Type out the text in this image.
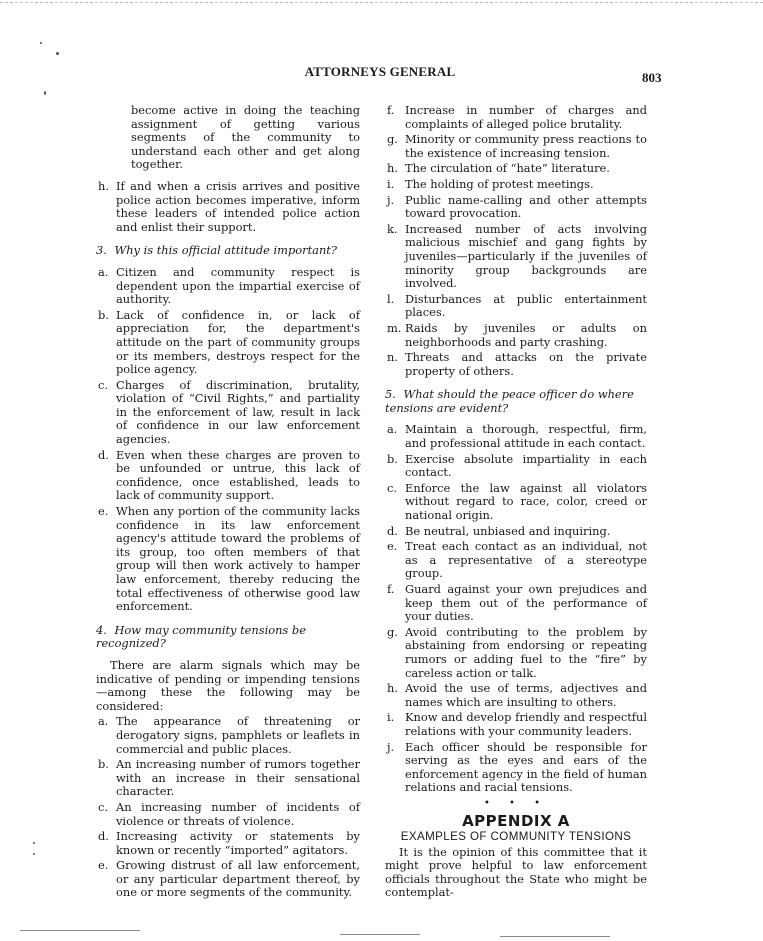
ATTORNEYS GENERAL	803
become active in doing the teaching assignment of getting various segments of the community to understand each other and get along together.
h. If and when a crisis arrives and positive police action becomes imperative, inform these leaders of intended police action and enlist their support.
3. Why is this official attitude important?
a. Citizen and community respect is dependent upon the impartial exercise of authority.
b. Lack of confidence in, or lack of appreciation for, the department's attitude on the part of community groups or its members, destroys respect for the police agency.
c. Charges of discrimination, brutality, violation of “Civil Rights,” and partiality in the enforcement of law, result in lack of confidence in our law enforcement agencies.
d. Even when these charges are proven to be unfounded or untrue, this lack of confidence, once established, leads to lack of community support.
e. When any portion of the community lacks confidence in its law enforcement agency's attitude toward the problems of its group, too often members of that group will then work actively to hamper law enforcement, thereby reducing the total effectiveness of otherwise good law enforcement.
4. How may community tensions be recognized?
There are alarm signals which may be indicative of pending or impending tensions—among these the following may be considered:
a. The appearance of threatening or derogatory signs, pamphlets or leaflets in commercial and public places.
b. An increasing number of rumors together with an increase in their sensational character.
c. An increasing number of incidents of violence or threats of violence.
d. Increasing activity or statements by known or recently “imported” agitators.
e. Growing distrust of all law enforcement, or any particular department thereof, by one or more segments of the community.
f. Increase in number of charges and complaints of alleged police brutality.
g. Minority or community press reactions to the existence of increasing tension.
h. The circulation of “hate” literature.
i. The holding of protest meetings.
j. Public name-calling and other attempts toward provocation.
k. Increased number of acts involving malicious mischief and gang fights by juveniles—particularly if the juveniles of minority group backgrounds are involved.
l. Disturbances at public entertainment places.
m. Raids by juveniles or adults on neighborhoods and party crashing.
n. Threats and attacks on the private property of others.
5. What should the peace officer do where tensions are evident?
a. Maintain a thorough, respectful, firm, and professional attitude in each contact.
b. Exercise absolute impartiality in each contact.
c. Enforce the law against all violators without regard to race, color, creed or national origin.
d. Be neutral, unbiased and inquiring.
e. Treat each contact as an individual, not as a representative of a stereotype group.
f. Guard against your own prejudices and keep them out of the performance of your duties.
g. Avoid contributing to the problem by abstaining from endorsing or repeating rumors or adding fuel to the “fire” by careless action or talk.
h. Avoid the use of terms, adjectives and names which are insulting to others.
i. Know and develop friendly and respectful relations with your community leaders.
j. Each officer should be responsible for serving as the eyes and ears of the enforcement agency in the field of human relations and racial tensions.
• • •
APPENDIX A
EXAMPLES OF COMMUNITY TENSIONS
It is the opinion of this committee that it might prove helpful to law enforcement officials throughout the State who might be contemplat-
